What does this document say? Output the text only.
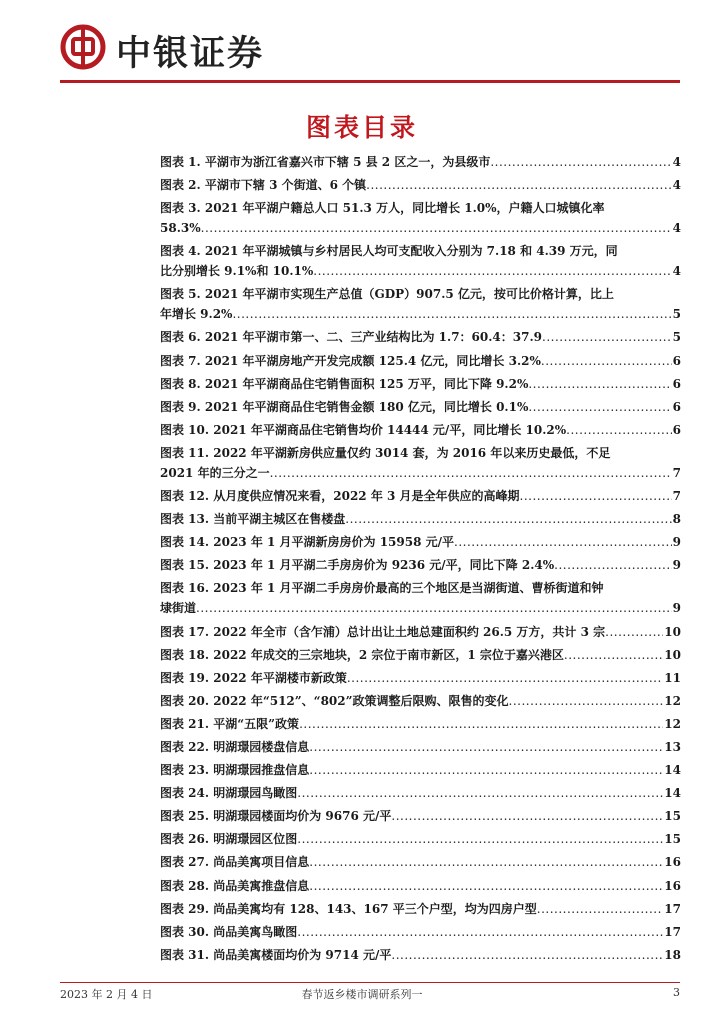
中银证券
图表目录
图表 1.
平湖市为浙江省嘉兴市下辖 5 县 2 区之一，为县级市 .....	4
图表 2.
平湖市下辖 3 个街道、6 个镇 .....	4
图表 3. 2021 年平湖户籍总人口 51.3 万人，同比增长 1.0%，户籍人口城镇化率
58.3% .....	4
图表 4. 2021 年平湖城镇与乡村居民人均可支配收入分别为 7.18 和 4.39 万元，同
比分别增长 9.1%和 10.1% .....	4
图表 5. 2021 年平湖市实现生产总值（GDP）907.5 亿元，按可比价格计算，比上
年增长 9.2% .....	5
图表 6.
2021 年平湖市第一、二、三产业结构比为 1.7：60.4：37.9 .....	5
图表 7.
2021 年平湖房地产开发完成额 125.4 亿元，同比增长 3.2% .....	6
图表 8.
2021 年平湖商品住宅销售面积 125 万平，同比下降 9.2% .....	6
图表 9.
2021 年平湖商品住宅销售金额 180 亿元，同比增长 0.1% .....	6
图表 10.
2021 年平湖商品住宅销售均价 14444 元/平，同比增长 10.2% .....	6
图表 11. 2022 年平湖新房供应量仅约 3014 套，为 2016 年以来历史最低，不足
2021 年的三分之一 .....	7
图表 12.
从月度供应情况来看，2022 年 3 月是全年供应的高峰期 .....	7
图表 13.
当前平湖主城区在售楼盘 .....	8
图表 14.
2023 年 1 月平湖新房房价为 15958 元/平 .....	9
图表 15.
2023 年 1 月平湖二手房房价为 9236 元/平，同比下降 2.4% .....	9
图表 16. 2023 年 1 月平湖二手房房价最高的三个地区是当湖街道、曹桥街道和钟
埭街道 .....	9
图表 17.
2022 年全市（含乍浦）总计出让土地总建面积约 26.5 万方，共计 3 宗 .....	10
图表 18.
2022 年成交的三宗地块，2 宗位于南市新区，1 宗位于嘉兴港区 .....	10
图表 19.
2022 年平湖楼市新政策 .....	11
图表 20.
2022 年“512”、“802”政策调整后限购、限售的变化 .....	12
图表 21.
平湖“五限”政策 .....	12
图表 22.
明湖璟园楼盘信息 .....	13
图表 23.
明湖璟园推盘信息 .....	14
图表 24.
明湖璟园鸟瞰图 .....	14
图表 25.
明湖璟园楼面均价为 9676 元/平 .....	15
图表 26.
明湖璟园区位图 .....	15
图表 27.
尚品美寓项目信息 .....	16
图表 28.
尚品美寓推盘信息 .....	16
图表 29.
尚品美寓均有 128、143、167 平三个户型，均为四房户型 .....	17
图表 30.
尚品美寓鸟瞰图 .....	17
图表 31.
尚品美寓楼面均价为 9714 元/平 .....	18
2023 年 2 月 4 日	春节返乡楼市调研系列一	3
